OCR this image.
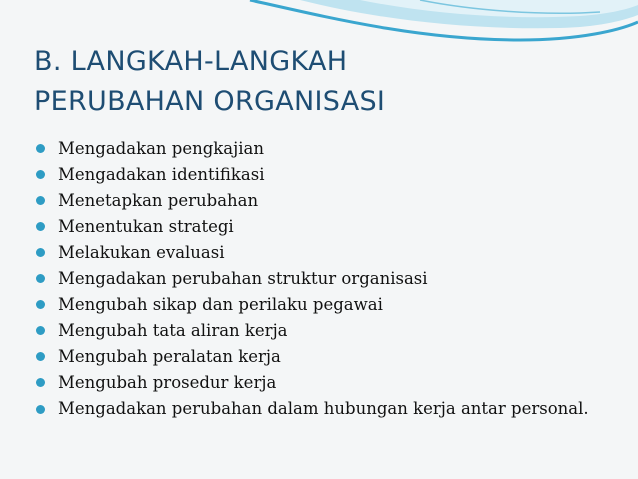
B. LANGKAH-LANGKAH
PERUBAHAN ORGANISASI
Mengadakan pengkajian
Mengadakan identifikasi
Menetapkan perubahan
Menentukan strategi
Melakukan evaluasi
Mengadakan perubahan struktur organisasi
Mengubah sikap dan perilaku pegawai
Mengubah tata aliran kerja
Mengubah peralatan kerja
Mengubah prosedur kerja
Mengadakan perubahan dalam hubungan kerja antar personal.
